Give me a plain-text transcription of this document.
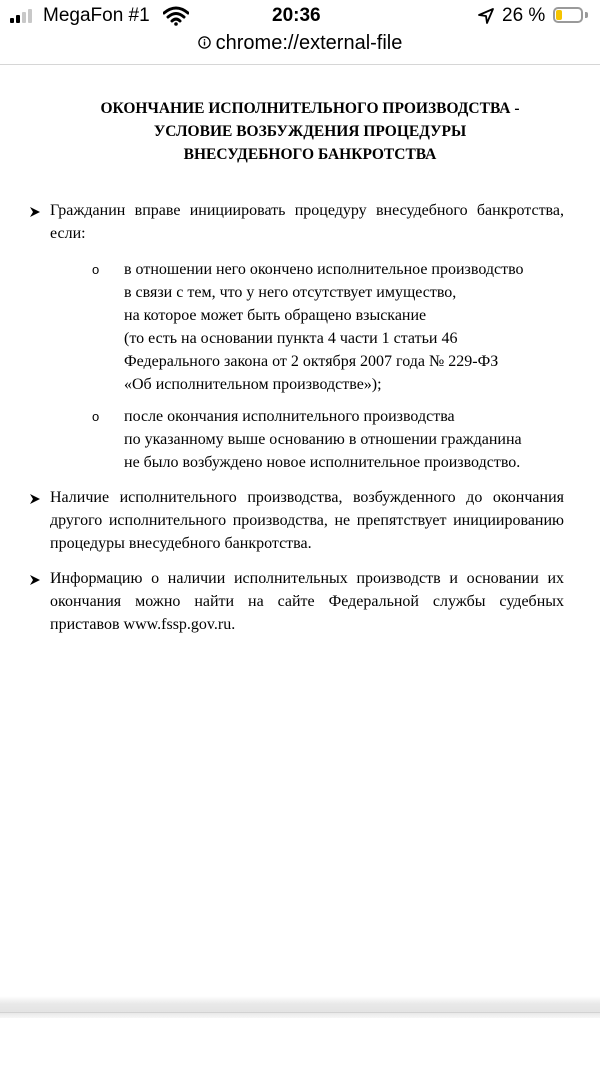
MegaFon #1	20:36	26 %
chrome://external-file
ОКОНЧАНИЕ ИСПОЛНИТЕЛЬНОГО ПРОИЗВОДСТВА -
УСЛОВИЕ ВОЗБУЖДЕНИЯ ПРОЦЕДУРЫ
ВНЕСУДЕБНОГО БАНКРОТСТВА
Гражданин вправе инициировать процедуру внесудебного банкротства, если:
o в отношении него окончено исполнительное производство
в связи с тем, что у него отсутствует имущество,
на которое может быть обращено взыскание
(то есть на основании пункта 4 части 1 статьи 46
Федерального закона от 2 октября 2007 года № 229-ФЗ
«Об исполнительном производстве»);
o после окончания исполнительного производства
по указанному выше основанию в отношении гражданина
не было возбуждено новое исполнительное производство.
Наличие исполнительного производства, возбужденного до окончания другого исполнительного производства, не препятствует инициированию процедуры внесудебного банкротства.
Информацию о наличии исполнительных производств и основании их окончания можно найти на сайте Федеральной службы судебных приставов www.fssp.gov.ru.
